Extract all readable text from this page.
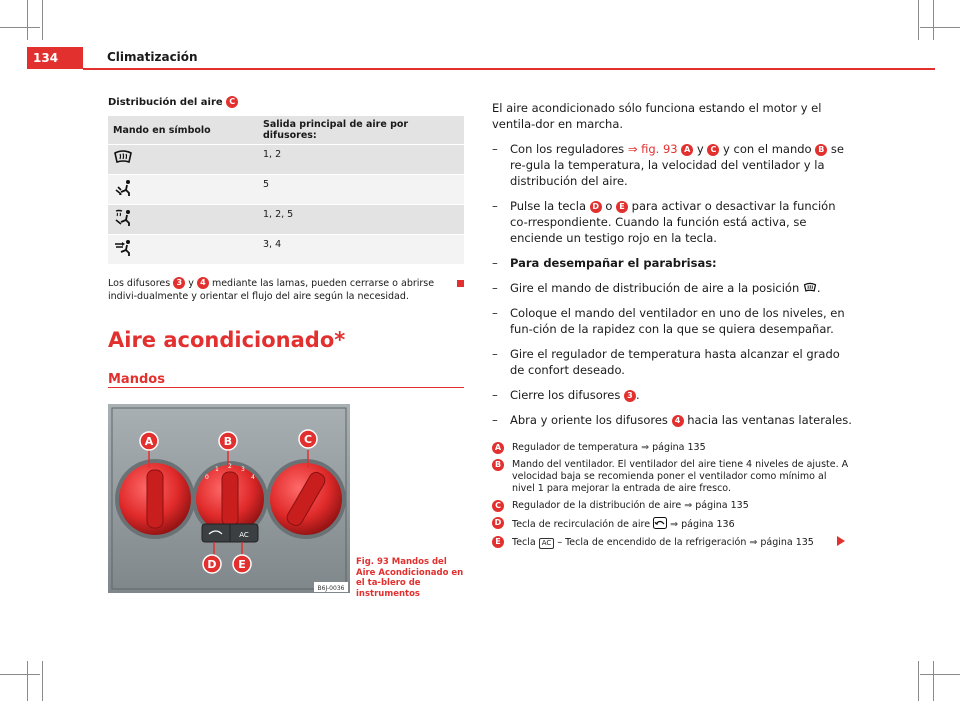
134	Climatización
Distribución del aire C
Mando en símbolo	Salida principal de aire por difusores:
	1, 2
	5
	1, 2, 5
	3, 4
Los difusores 3 y 4 mediante las lamas, pueden cerrarse o abrirse indivi-dualmente y orientar el flujo del aire según la necesidad.
Aire acondicionado*
Mandos
0
1 2 3
4
AC
A	B	C
D E
B6J-0036
Fig. 93 Mandos del Aire Acondicionado en el ta-blero de instrumentos

El aire acondicionado sólo funciona estando el motor y el ventila-dor en marcha.

– Con los reguladores ⇒ fig. 93 A y C y con el mando B se re-gula la temperatura, la velocidad del ventilador y la distribución del aire.
– Pulse la tecla D o E para activar o desactivar la función co-rrespondiente. Cuando la función está activa, se enciende un testigo rojo en la tecla.
– Para desempañar el parabrisas:
– Gire el mando de distribución de aire a la posición .
– Coloque el mando del ventilador en uno de los niveles, en fun-ción de la rapidez con la que se quiera desempañar.
– Gire el regulador de temperatura hasta alcanzar el grado de confort deseado.
– Cierre los difusores 3 .
– Abra y oriente los difusores 4 hacia las ventanas laterales.
A	Regulador de temperatura ⇒ página 135
B	Mando del ventilador. El ventilador del aire tiene 4 niveles de ajuste. A velocidad baja se recomienda poner el ventilador como mínimo al nivel 1 para mejorar la entrada de aire fresco.
C	Regulador de la distribución de aire ⇒ página 135
D Tecla de recirculación de aire ⇒ página 136
E	Tecla AC – Tecla de encendido de la refrigeración ⇒ página 135
